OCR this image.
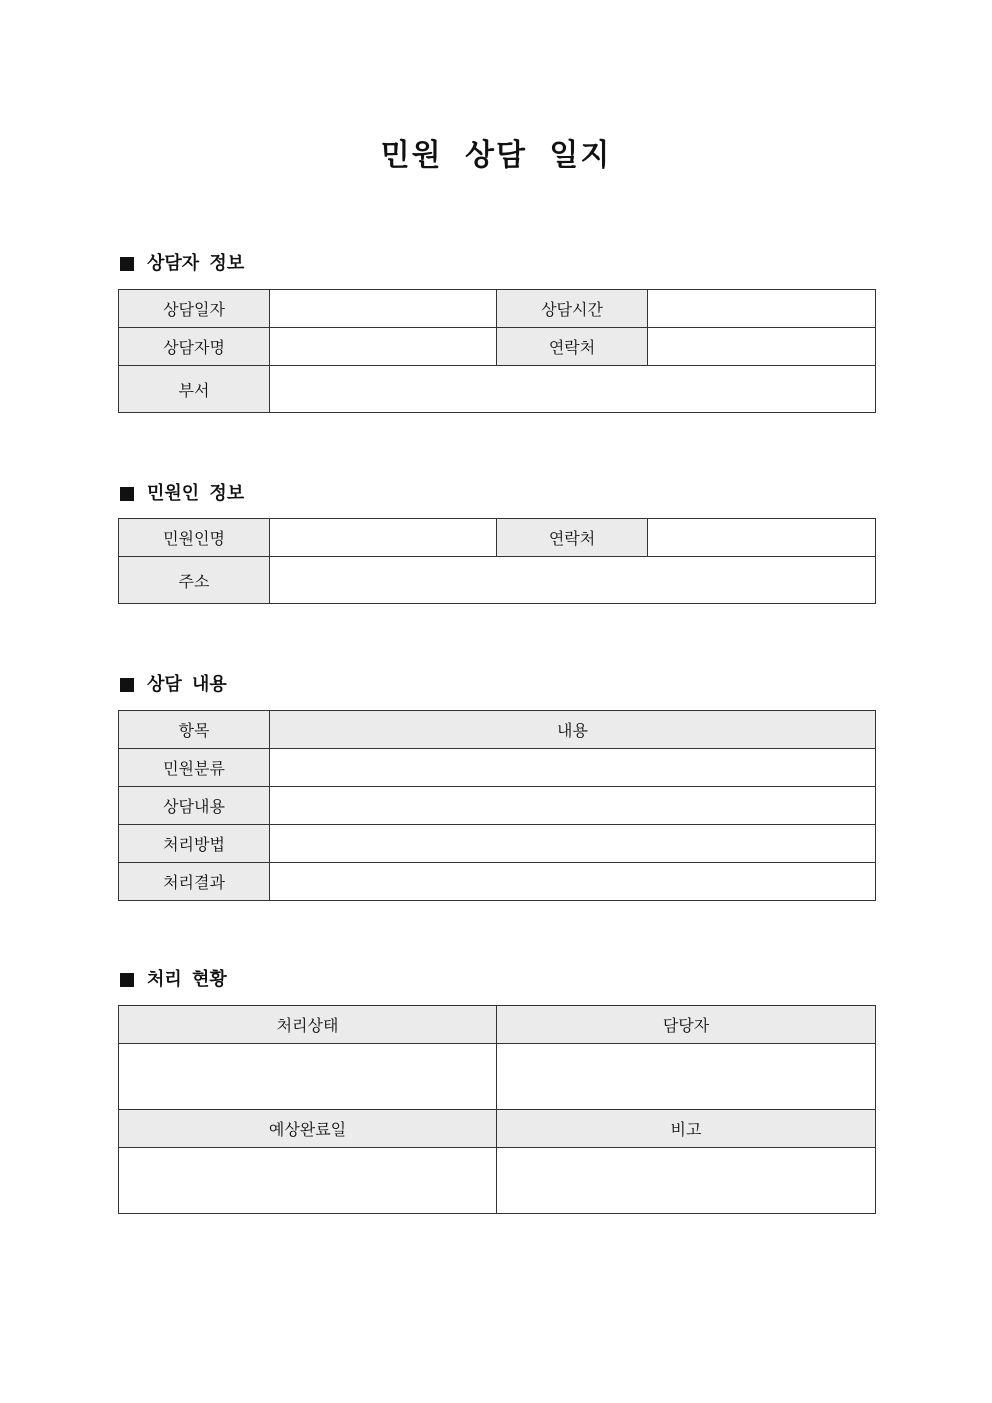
민원 상담 일지
상담자 정보
상담일자		상담시간	
상담자명		연락처	
부서			
민원인 정보
민원인명		연락처	
주소			
상담 내용
항목	내용
민원분류	
상담내용	
처리방법	
처리결과	
처리 현황
처리상태	담당자

예상완료일	비고
